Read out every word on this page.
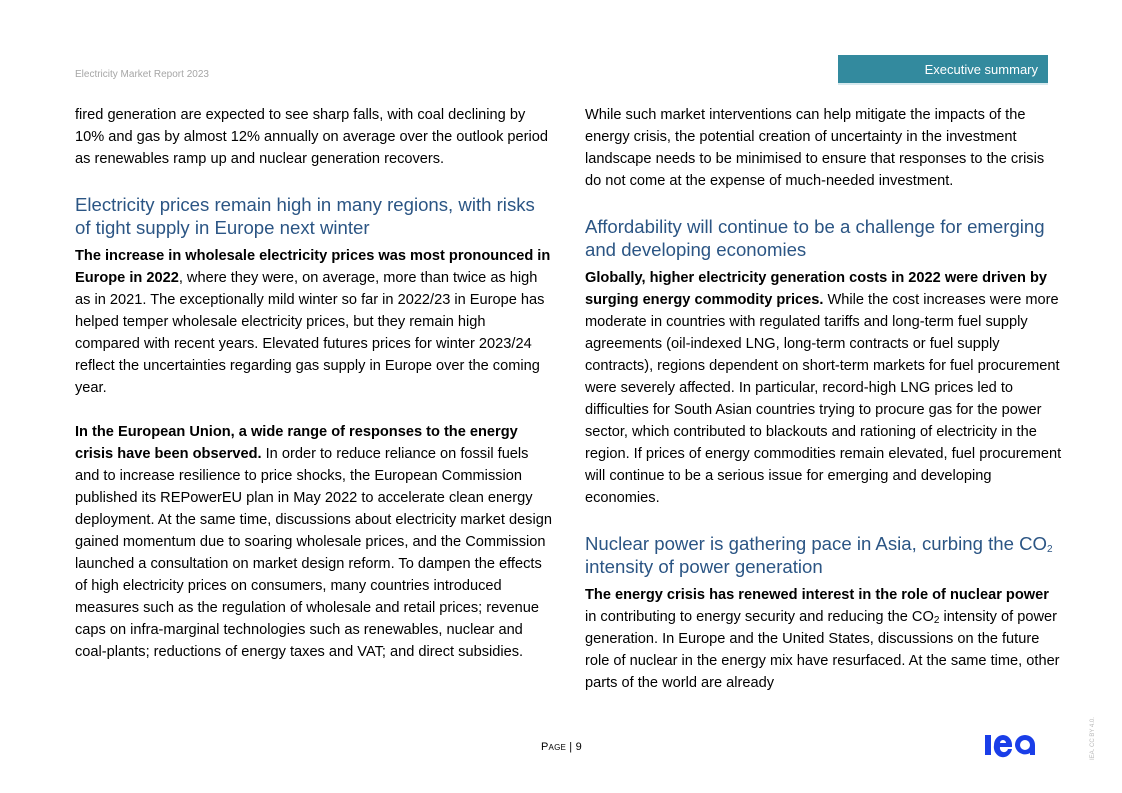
Electricity Market Report 2023	Executive summary

fired generation are expected to see sharp falls, with coal declining by 10% and gas by almost 12% annually on average over the outlook period as renewables ramp up and nuclear generation recovers.

Electricity prices remain high in many regions, with risks of tight supply in Europe next winter

The increase in wholesale electricity prices was most pronounced in Europe in 2022, where they were, on average, more than twice as high as in 2021. The exceptionally mild winter so far in 2022/23 in Europe has helped temper wholesale electricity prices, but they remain high compared with recent years. Elevated futures prices for winter 2023/24 reflect the uncertainties regarding gas supply in Europe over the coming year.

In the European Union, a wide range of responses to the energy crisis have been observed. In order to reduce reliance on fossil fuels and to increase resilience to price shocks, the European Commission published its REPowerEU plan in May 2022 to accelerate clean energy deployment. At the same time, discussions about electricity market design gained momentum due to soaring wholesale prices, and the Commission launched a consultation on market design reform. To dampen the effects of high electricity prices on consumers, many countries introduced measures such as the regulation of wholesale and retail prices; revenue caps on infra-marginal technologies such as renewables, nuclear and coal-plants; reductions of energy taxes and VAT; and direct subsidies.

While such market interventions can help mitigate the impacts of the energy crisis, the potential creation of uncertainty in the investment landscape needs to be minimised to ensure that responses to the crisis do not come at the expense of much-needed investment.

Affordability will continue to be a challenge for emerging and developing economies

Globally, higher electricity generation costs in 2022 were driven by surging energy commodity prices. While the cost increases were more moderate in countries with regulated tariffs and long-term fuel supply agreements (oil-indexed LNG, long-term contracts or fuel supply contracts), regions dependent on short-term markets for fuel procurement were severely affected. In particular, record-high LNG prices led to difficulties for South Asian countries trying to procure gas for the power sector, which contributed to blackouts and rationing of electricity in the region. If prices of energy commodities remain elevated, fuel procurement will continue to be a serious issue for emerging and developing economies.

Nuclear power is gathering pace in Asia, curbing the $CO_2$ intensity of power generation

The energy crisis has renewed interest in the role of nuclear power in contributing to energy security and reducing the $CO_2$ intensity of power generation. In Europe and the United States, discussions on the future role of nuclear in the energy mix have resurfaced. At the same time, other parts of the world are already

PAGE | 9	IEA. CC BY 4.0.
